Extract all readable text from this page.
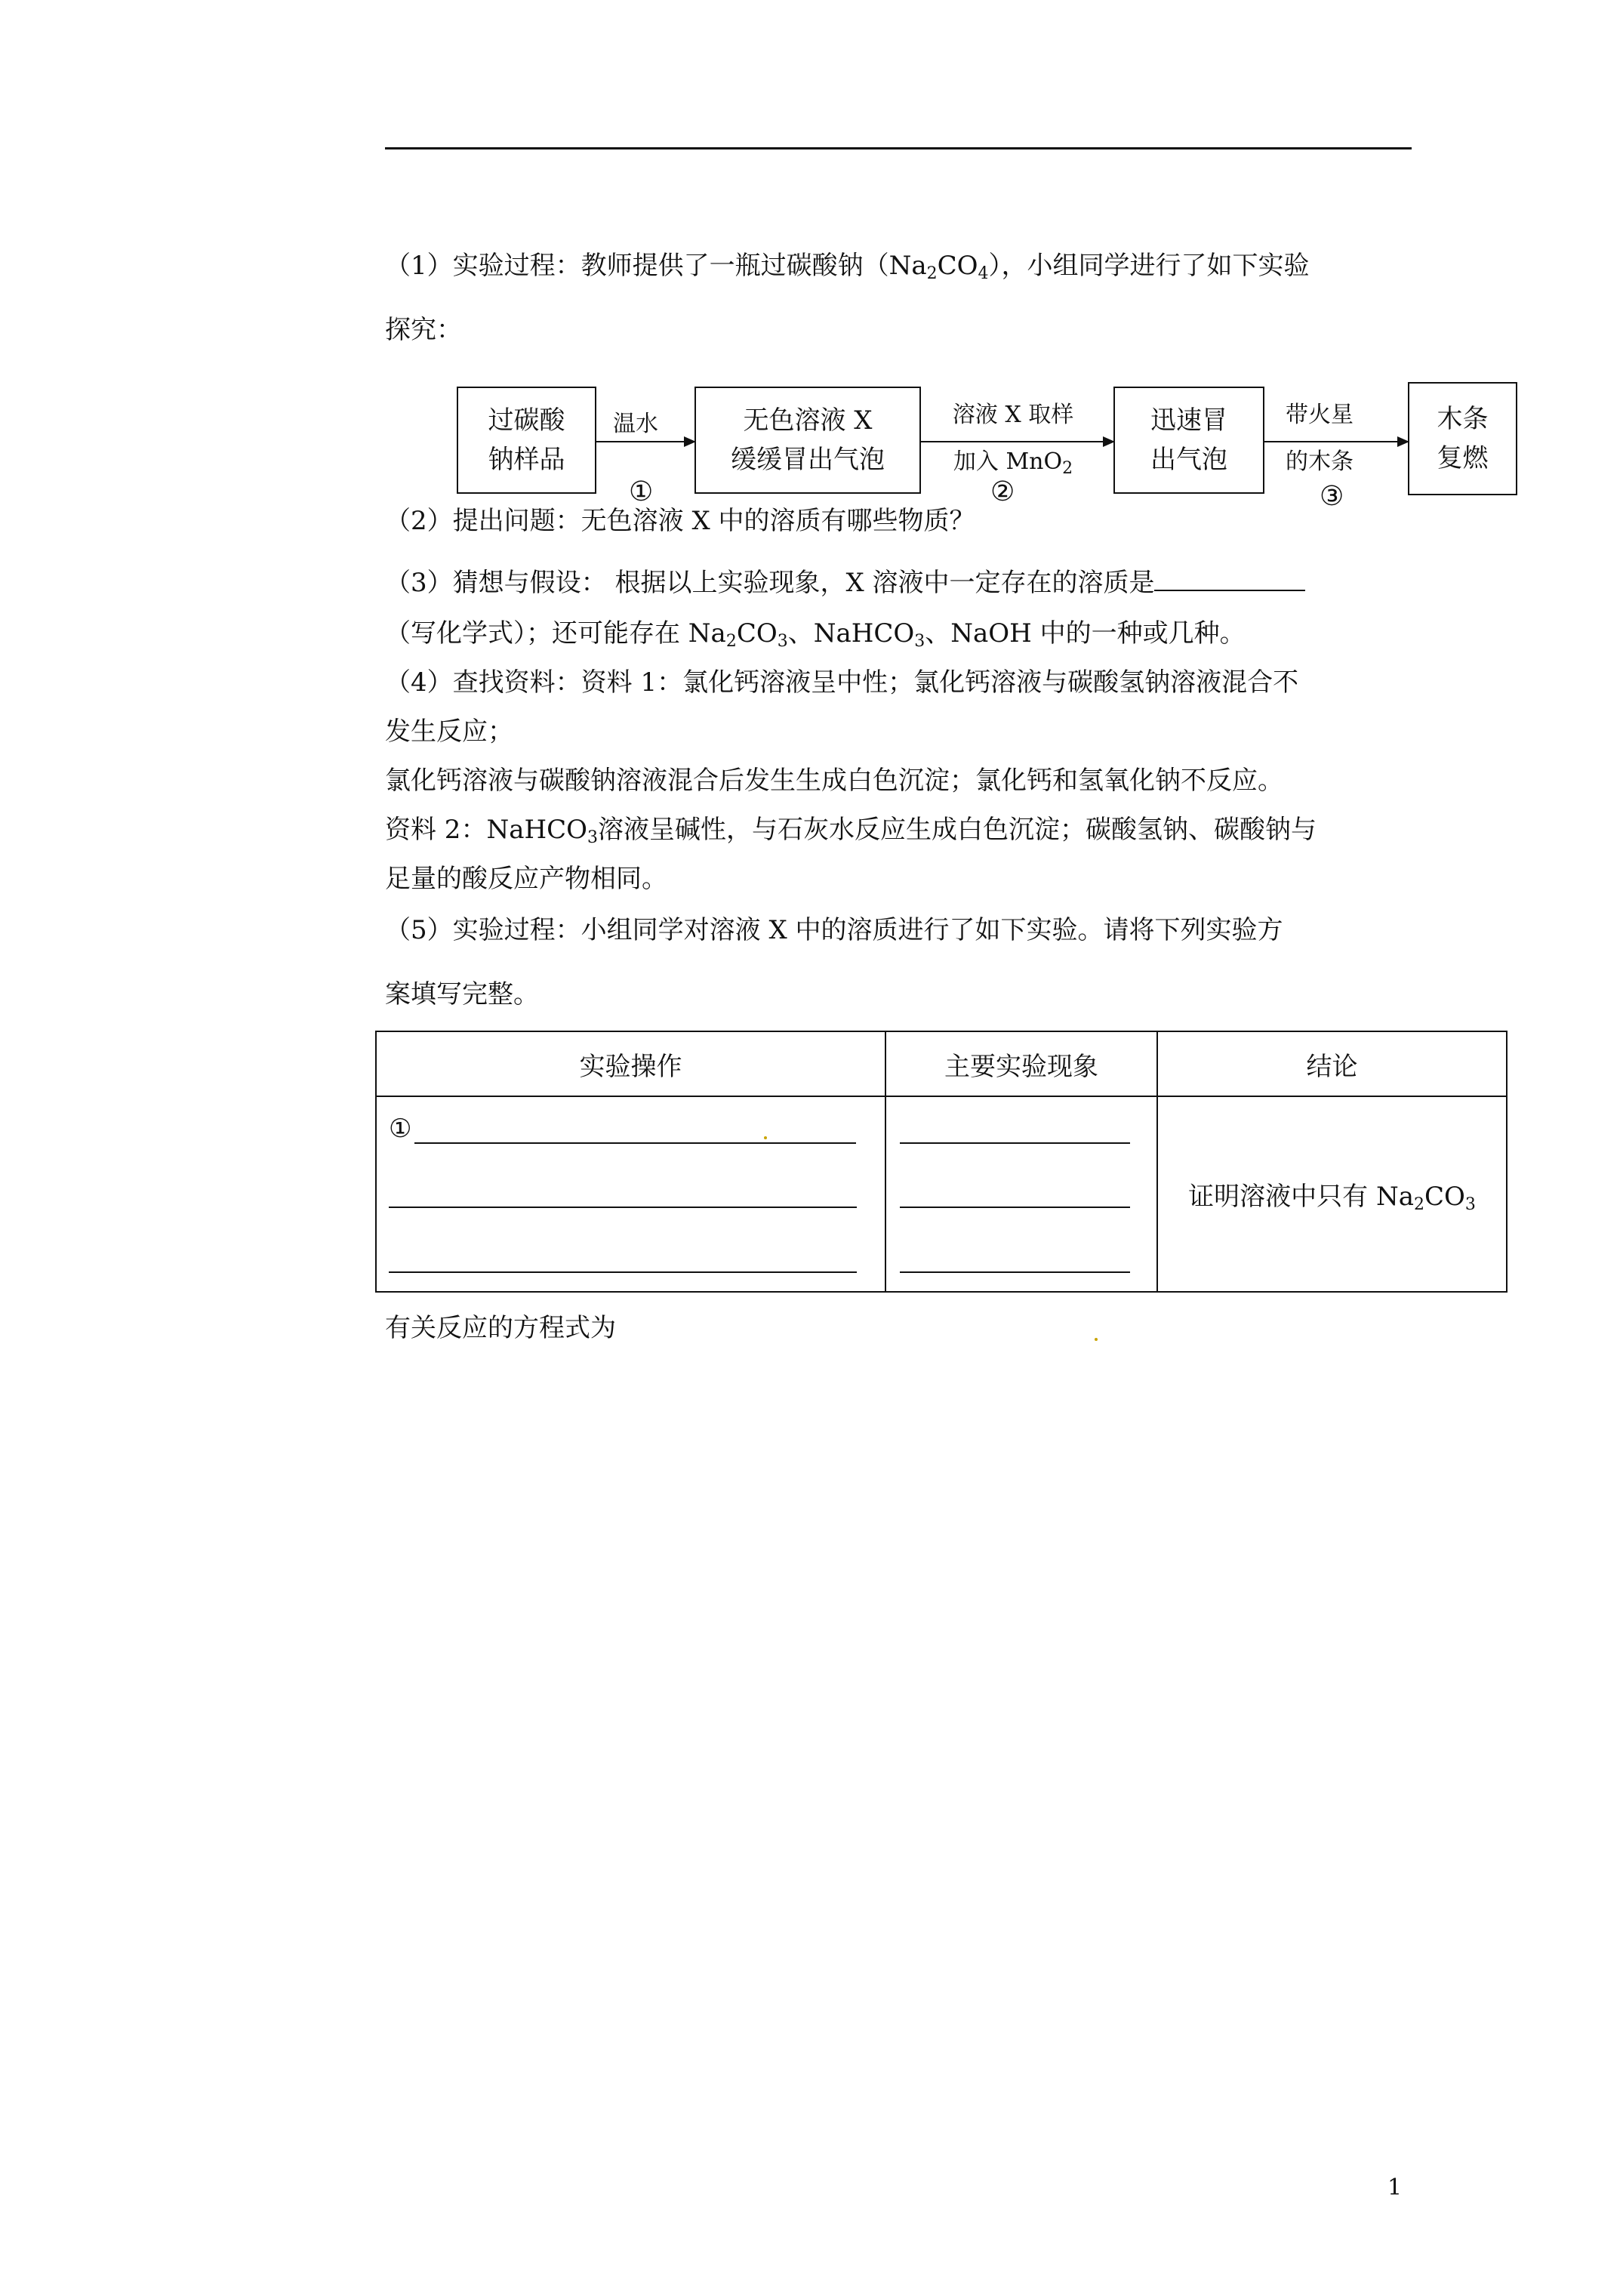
（1）实验过程：教师提供了一瓶过碳酸钠$(Na_2CO_4)$，小组同学进行了如下实验
探究：
过碳酸
钠样品
温水
①
无色溶液 X
缓缓冒出气泡
溶液 X 取样
加入 MnO$_2$
②
迅速冒
出气泡
带火星
的木条
③
木条
复燃
（2）提出问题：无色溶液 X 中的溶质有哪些物质？
（3）猜想与假设： 根据以上实验现象，X 溶液中一定存在的溶质是
（写化学式）；还可能存在 $Na_2CO_3$、NaHCO$_3$、NaOH 中的一种或几种。
（4）查找资料：资料 1：氯化钙溶液呈中性；氯化钙溶液与碳酸氢钠溶液混合不
发生反应；
氯化钙溶液与碳酸钠溶液混合后发生生成白色沉淀；氯化钙和氢氧化钠不反应。
资料 2：NaHCO$_3$溶液呈碱性，与石灰水反应生成白色沉淀；碳酸氢钠、碳酸钠与
足量的酸反应产物相同。
（5）实验过程：小组同学对溶液 X 中的溶质进行了如下实验。请将下列实验方
案填写完整。
实验操作	主要实验现象	结论

①		证明溶液中只有 $Na_2CO_3$
有关反应的方程式为
1
